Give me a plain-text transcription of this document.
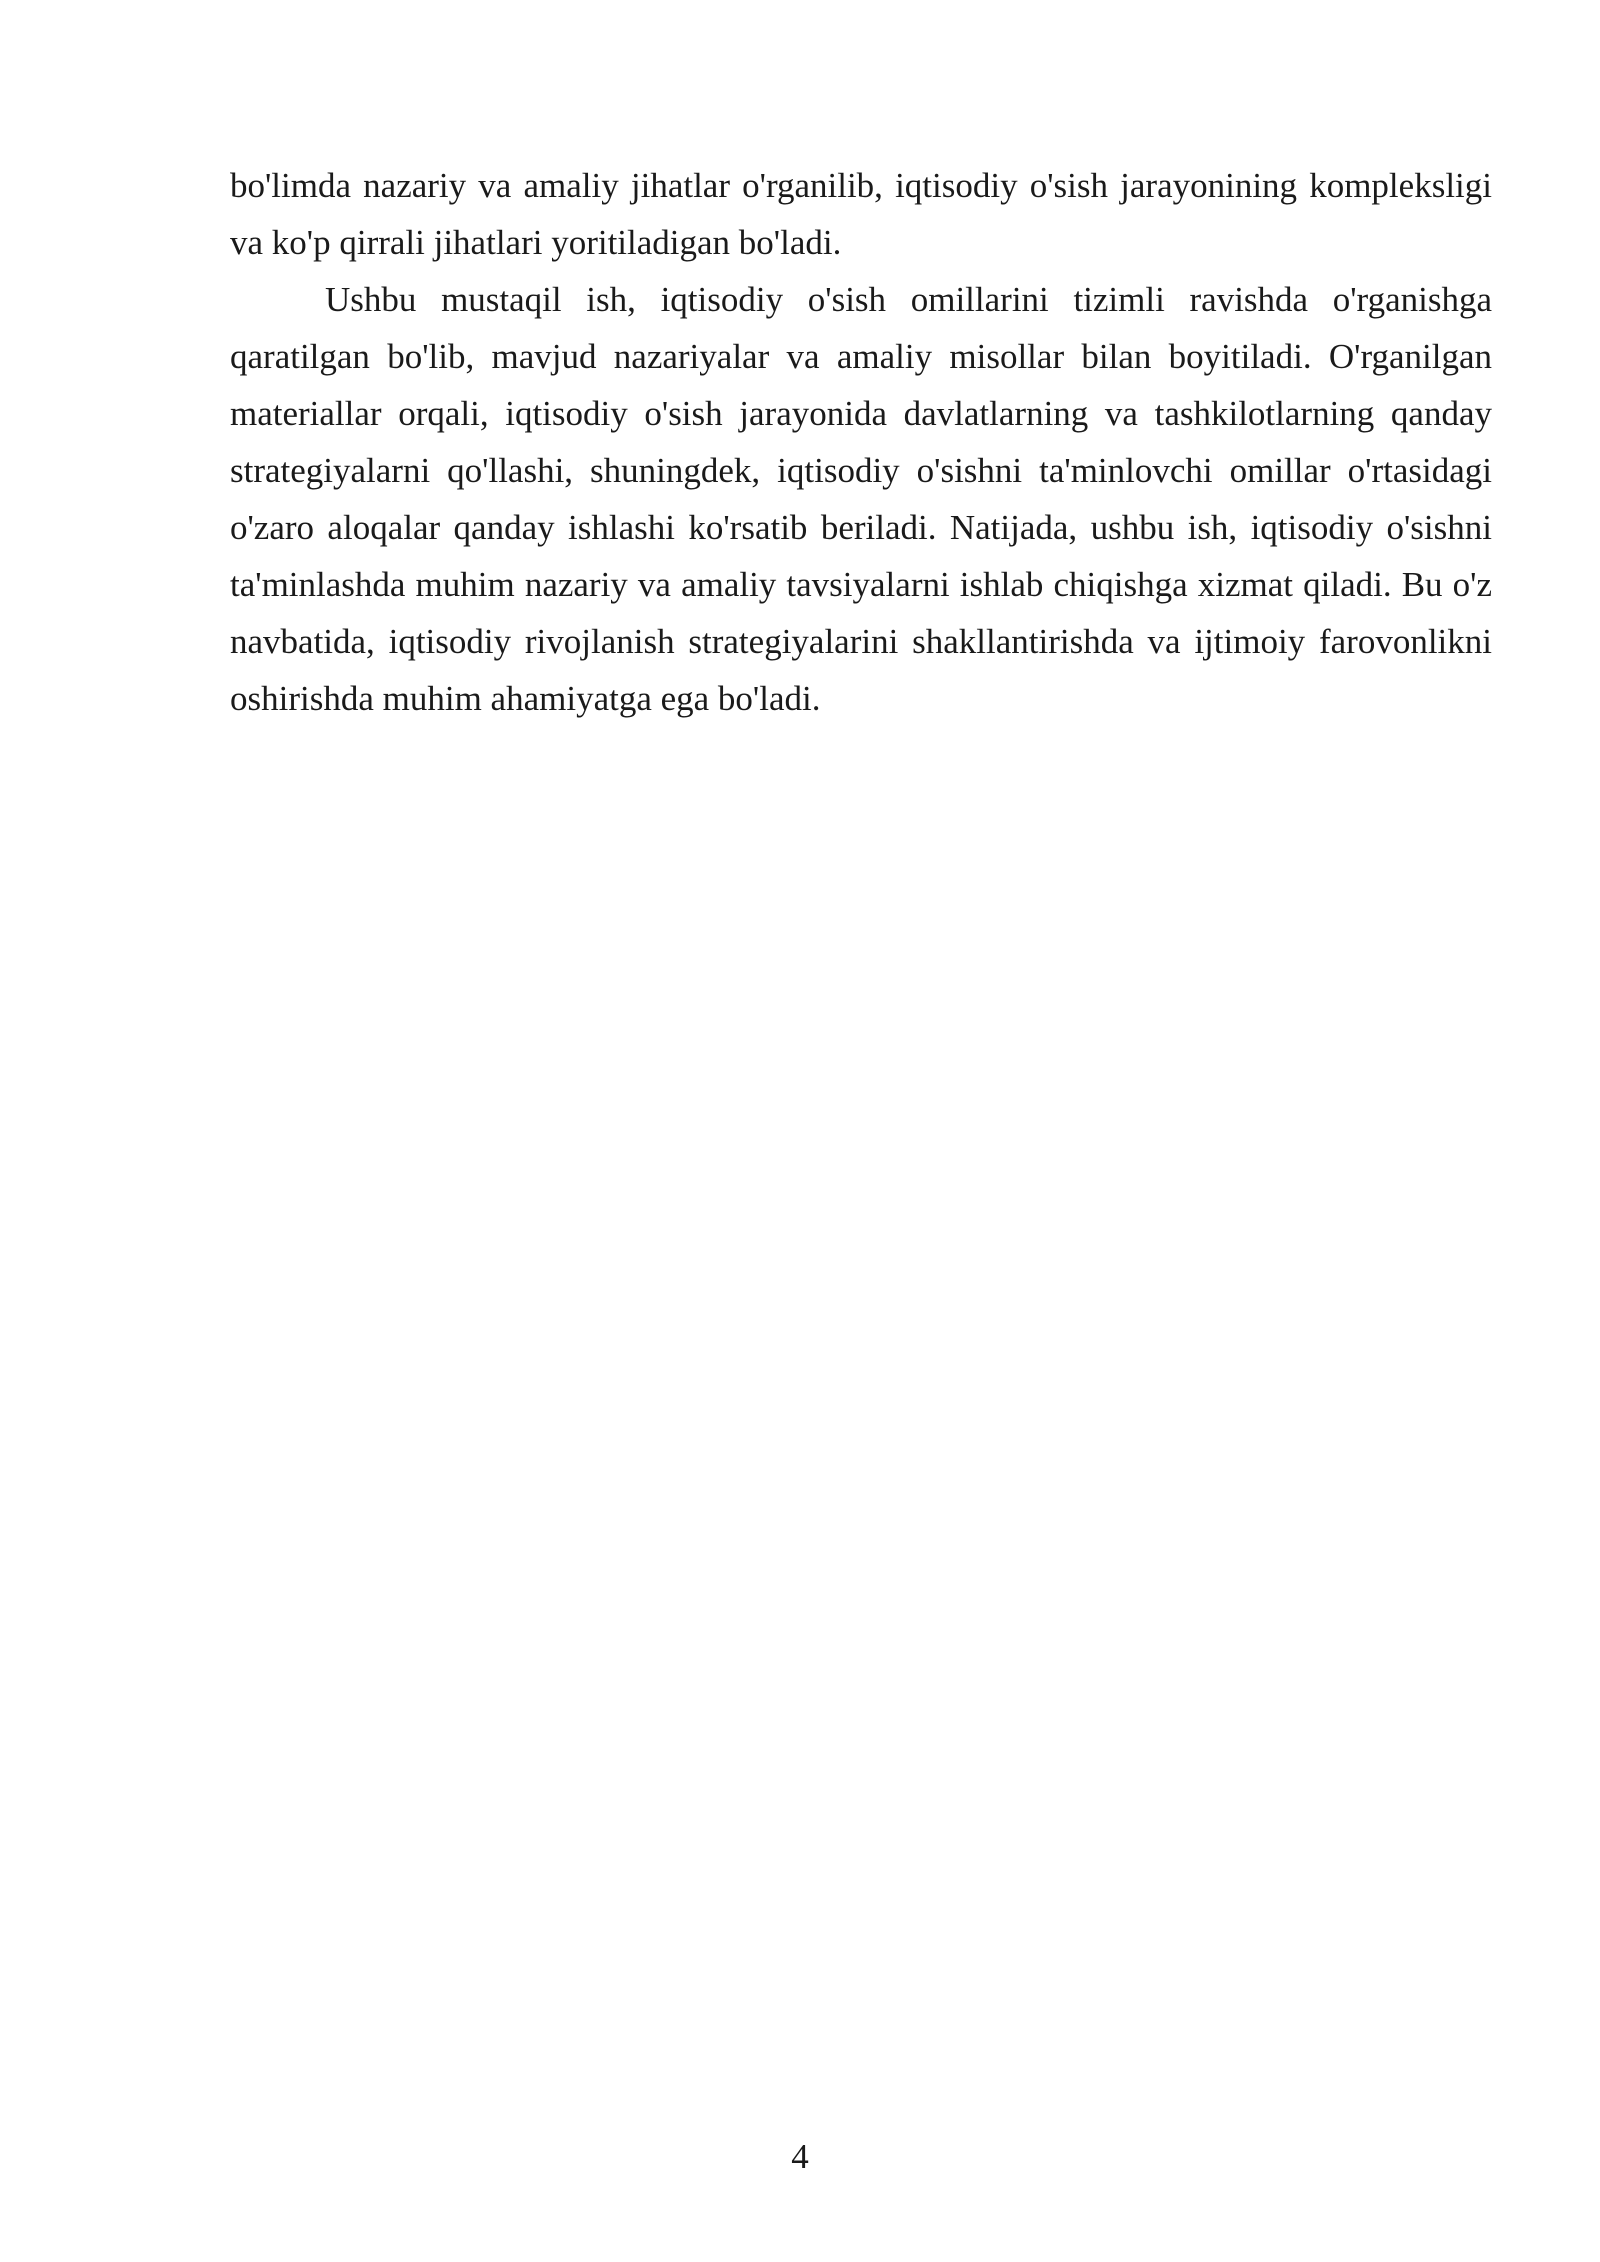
bo'limda nazariy va amaliy jihatlar o'rganilib, iqtisodiy o'sish jarayonining kompleksligi va ko'p qirrali jihatlari yoritiladigan bo'ladi.

Ushbu mustaqil ish, iqtisodiy o'sish omillarini tizimli ravishda o'rganishga qaratilgan bo'lib, mavjud nazariyalar va amaliy misollar bilan boyitiladi. O'rganilgan materiallar orqali, iqtisodiy o'sish jarayonida davlatlarning va tashkilotlarning qanday strategiyalarni qo'llashi, shuningdek, iqtisodiy o'sishni ta'minlovchi omillar o'rtasidagi o'zaro aloqalar qanday ishlashi ko'rsatib beriladi. Natijada, ushbu ish, iqtisodiy o'sishni ta'minlashda muhim nazariy va amaliy tavsiyalarni ishlab chiqishga xizmat qiladi. Bu o'z navbatida, iqtisodiy rivojlanish strategiyalarini shakllantirishda va ijtimoiy farovonlikni oshirishda muhim ahamiyatga ega bo'ladi.

4
